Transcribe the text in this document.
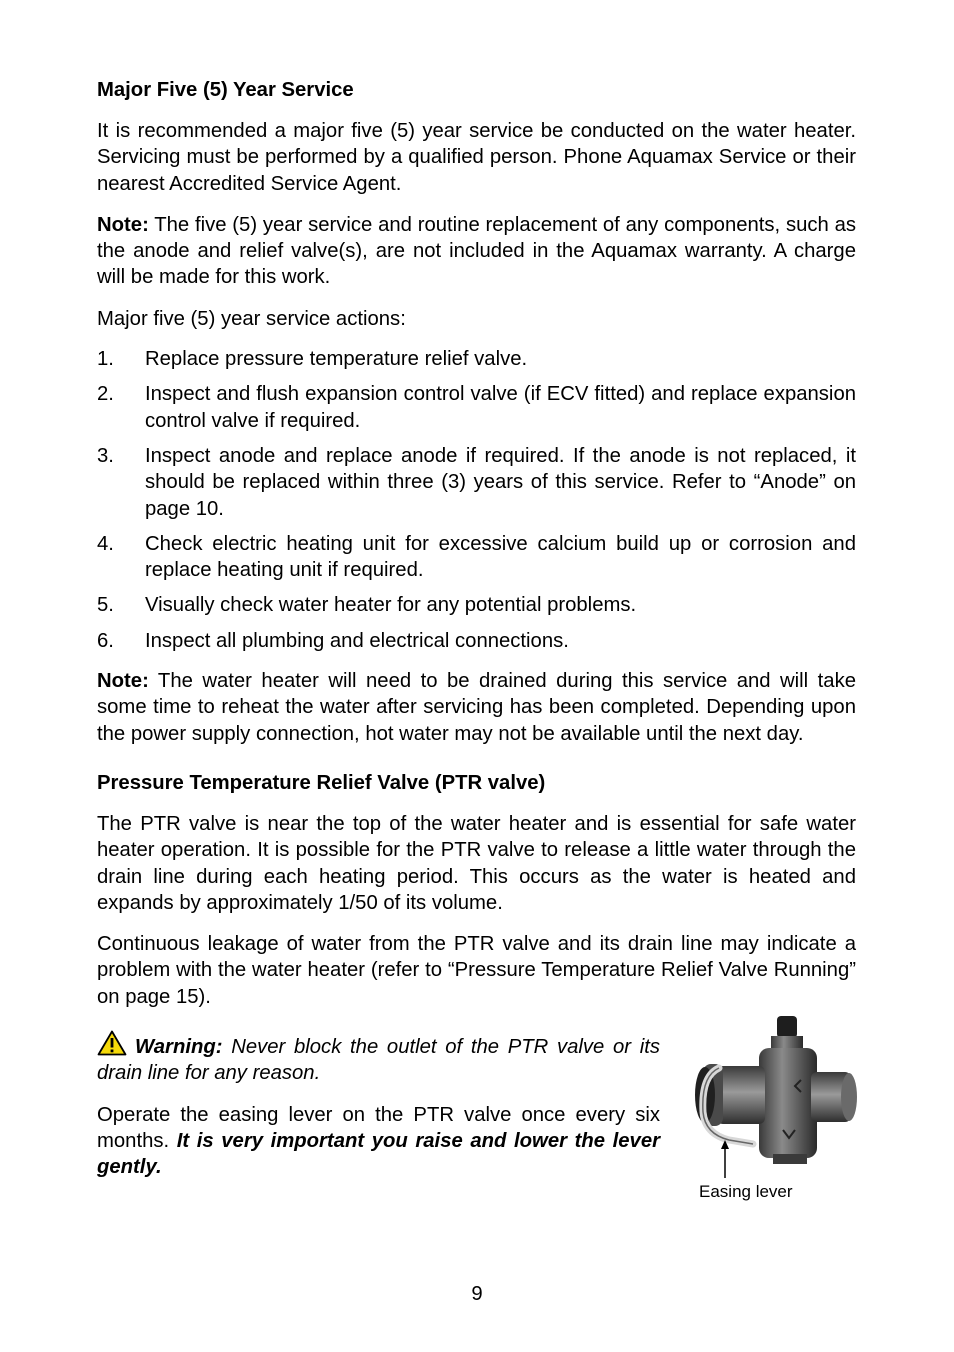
Major Five (5) Year Service

It is recommended a major five (5) year service be conducted on the water heater. Servicing must be performed by a qualified person. Phone Aquamax Service or their nearest Accredited Service Agent.

Note: The five (5) year service and routine replacement of any components, such as the anode and relief valve(s), are not included in the Aquamax warranty. A charge will be made for this work.

Major five (5) year service actions:

1. Replace pressure temperature relief valve.
2. Inspect and flush expansion control valve (if ECV fitted) and replace expansion control valve if required.
3. Inspect anode and replace anode if required. If the anode is not replaced, it should be replaced within three (3) years of this service. Refer to “Anode” on page 10.
4. Check electric heating unit for excessive calcium build up or corrosion and replace heating unit if required.
5. Visually check water heater for any potential problems.
6. Inspect all plumbing and electrical connections.

Note: The water heater will need to be drained during this service and will take some time to reheat the water after servicing has been completed. Depending upon the power supply connection, hot water may not be available until the next day.

Pressure Temperature Relief Valve (PTR valve)

The PTR valve is near the top of the water heater and is essential for safe water heater operation. It is possible for the PTR valve to release a little water through the drain line during each heating period. This occurs as the water is heated and expands by approximately 1/50 of its volume.

Continuous leakage of water from the PTR valve and its drain line may indicate a problem with the water heater (refer to “Pressure Temperature Relief Valve Running” on page 15).

Warning: Never block the outlet of the PTR valve or its drain line for any reason.

Operate the easing lever on the PTR valve once every six months. It is very important you raise and lower the lever gently.

Easing lever
9
